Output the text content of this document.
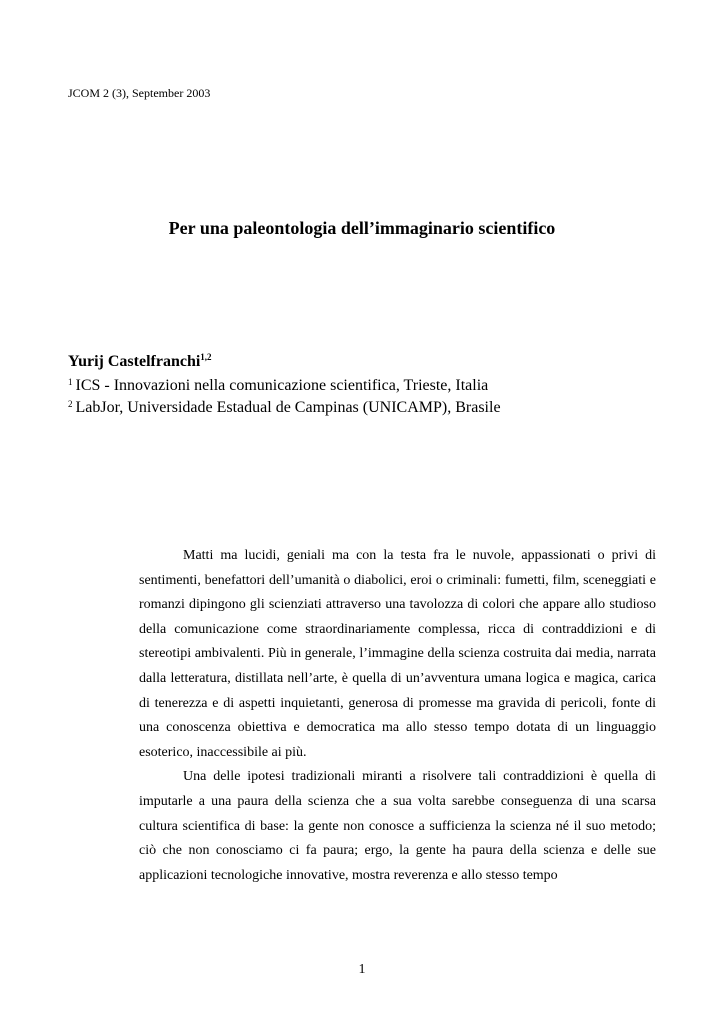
JCOM 2 (3), September 2003
Per una paleontologia dell’immaginario scientifico
Yurij Castelfranchi$^{1,2}$
$^1$ ICS - Innovazioni nella comunicazione scientifica, Trieste, Italia
$^2$ LabJor, Universidade Estadual de Campinas (UNICAMP), Brasile

Matti ma lucidi, geniali ma con la testa fra le nuvole, appassionati o privi di sentimenti, benefattori dell’umanità o diabolici, eroi o criminali: fumetti, film, sceneggiati e romanzi dipingono gli scienziati attraverso una tavolozza di colori che appare allo studioso della comunicazione come straordinariamente complessa, ricca di contraddizioni e di stereotipi ambivalenti. Più in generale, l’immagine della scienza costruita dai media, narrata dalla letteratura, distillata nell’arte, è quella di un’avventura umana logica e magica, carica di tenerezza e di aspetti inquietanti, generosa di promesse ma gravida di pericoli, fonte di una conoscenza obiettiva e democratica ma allo stesso tempo dotata di un linguaggio esoterico, inaccessibile ai più.

Una delle ipotesi tradizionali miranti a risolvere tali contraddizioni è quella di imputarle a una paura della scienza che a sua volta sarebbe conseguenza di una scarsa cultura scientifica di base: la gente non conosce a sufficienza la scienza né il suo metodo; ciò che non conosciamo ci fa paura; ergo, la gente ha paura della scienza e delle sue applicazioni tecnologiche innovative, mostra reverenza e allo stesso tempo

1
